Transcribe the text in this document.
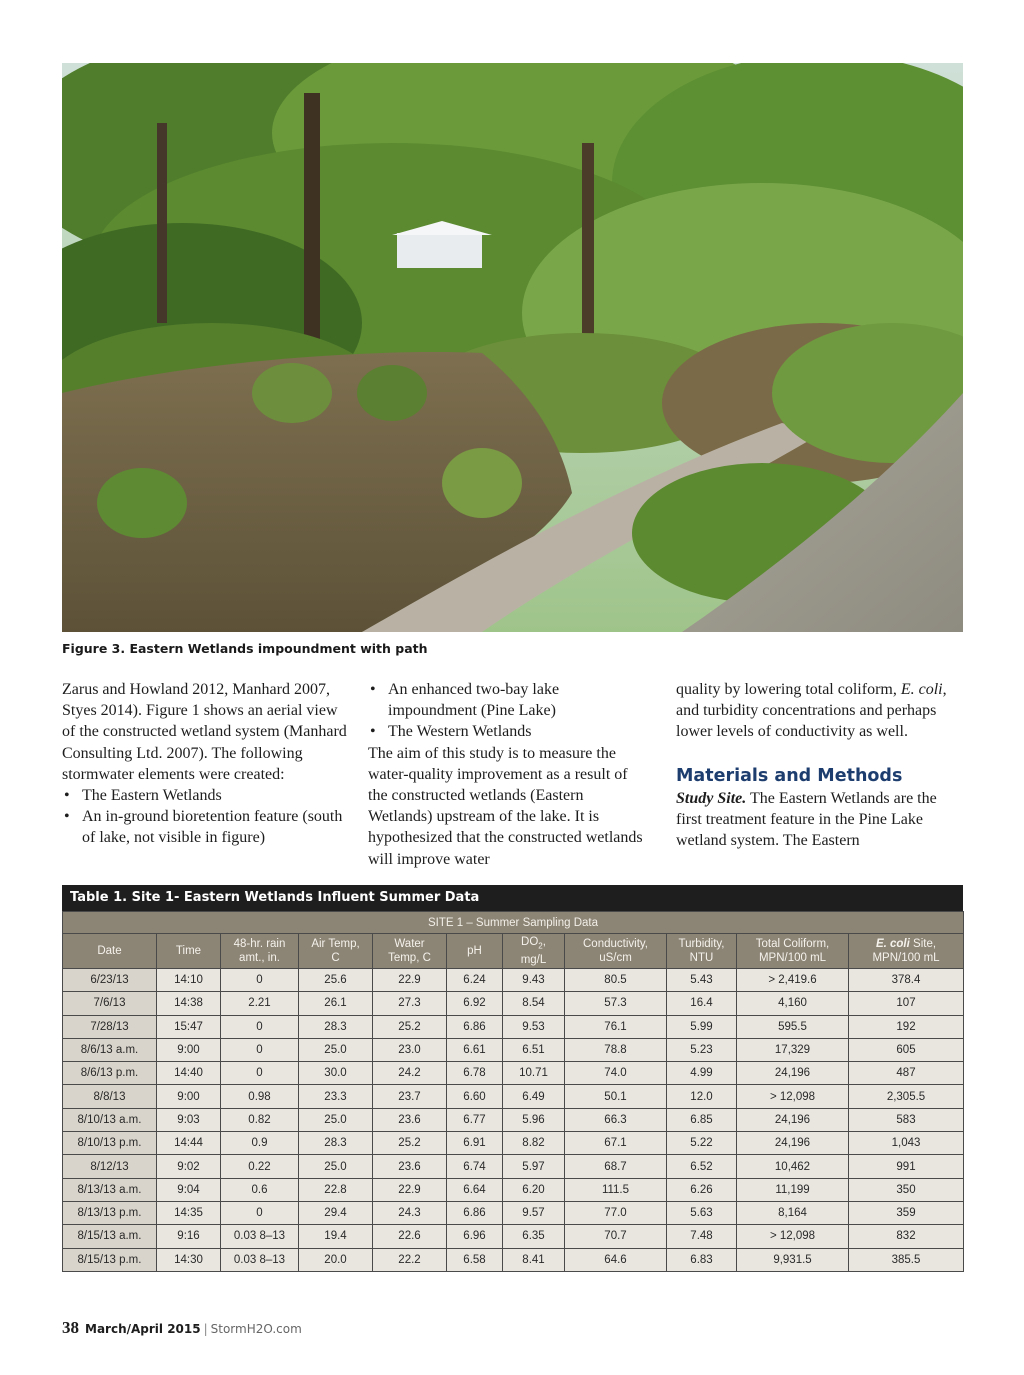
Figure 3. Eastern Wetlands impoundment with path

Zarus and Howland 2012, Manhard 2007, Styes 2014). Figure 1 shows an aerial view of the constructed wetland system (Manhard Consulting Ltd. 2007). The following stormwater elements were created:

• The Eastern Wetlands

• An in-ground bioretention feature (south of lake, not visible in figure)

• An enhanced two-bay lake impoundment (Pine Lake)

• The Western Wetlands

The aim of this study is to measure the water-quality improvement as a result of the constructed wetlands (Eastern Wetlands) upstream of the lake. It is hypothesized that the constructed wetlands will improve water

quality by lowering total coliform, E. coli, and turbidity concentrations and perhaps lower levels of conductivity as well.

Materials and Methods

Study Site. The Eastern Wetlands are the first treatment feature in the Pine Lake wetland system. The Eastern

Table 1. Site 1- Eastern Wetlands Influent Summer Data
SITE 1 – Summer Sampling Data										
Date	Time	48-hr. rain
amt., in.	Air Temp,
C	Water
Temp, C	pH	$DO_2$,
mg/L	Conductivity,
uS/cm	Turbidity,
NTU	Total Coliform,
MPN/100 mL	E. coli Site,
MPN/100 mL
6/23/13	14:10	0	25.6	22.9	6.24	9.43	80.5	5.43	> 2,419.6	378.4
7/6/13	14:38	2.21	26.1	27.3	6.92	8.54	57.3	16.4	4,160	107
7/28/13	15:47	0	28.3	25.2	6.86	9.53	76.1	5.99	595.5	192
8/6/13 a.m.	9:00	0	25.0	23.0	6.61	6.51	78.8	5.23	17,329	605
8/6/13 p.m.	14:40	0	30.0	24.2	6.78	10.71	74.0	4.99	24,196	487
8/8/13	9:00	0.98	23.3	23.7	6.60	6.49	50.1	12.0	> 12,098	2,305.5
8/10/13 a.m.	9:03	0.82	25.0	23.6	6.77	5.96	66.3	6.85	24,196	583
8/10/13 p.m.	14:44	0.9	28.3	25.2	6.91	8.82	67.1	5.22	24,196	1,043
8/12/13	9:02	0.22	25.0	23.6	6.74	5.97	68.7	6.52	10,462	991
8/13/13 a.m.	9:04	0.6	22.8	22.9	6.64	6.20	111.5	6.26	11,199	350
8/13/13 p.m.	14:35	0	29.4	24.3	6.86	9.57	77.0	5.63	8,164	359
8/15/13 a.m.	9:16	0.03 8–13	19.4	22.6	6.96	6.35	70.7	7.48	> 12,098	832
8/15/13 p.m.	14:30	0.03 8–13	20.0	22.2	6.58	8.41	64.6	6.83	9,931.5	385.5
38 March/April 2015 | StormH2O.com
